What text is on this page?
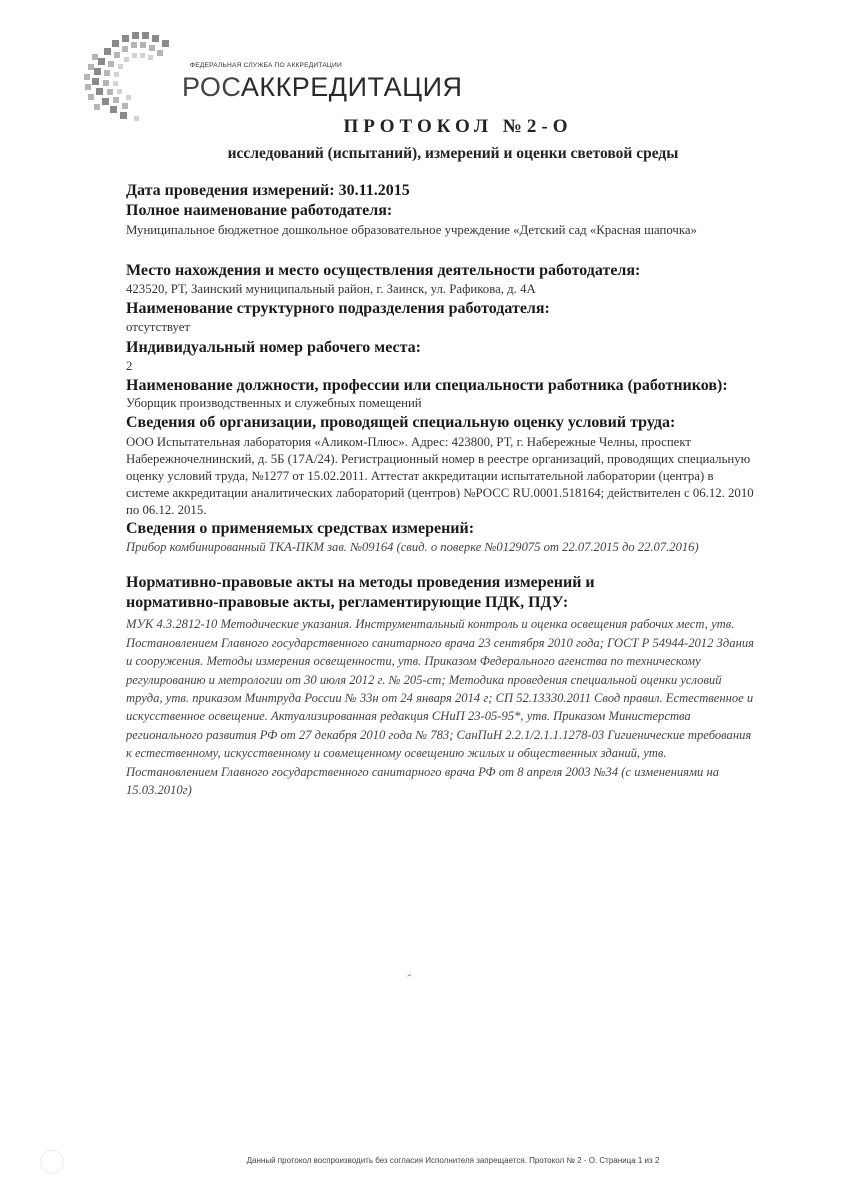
ФЕДЕРАЛЬНАЯ СЛУЖБА ПО АККРЕДИТАЦИИ
РОСАККРЕДИТАЦИЯ
ПРОТОКОЛ №2-О
исследований (испытаний), измерений и оценки световой среды
Дата проведения измерений: 30.11.2015
Полное наименование работодателя:
Муниципальное бюджетное дошкольное образовательное учреждение «Детский сад «Красная шапочка»
Место нахождения и место осуществления деятельности работодателя:
423520, РТ, Заинский муниципальный район, г. Заинск, ул. Рафикова, д. 4А
Наименование структурного подразделения работодателя:
отсутствует
Индивидуальный номер рабочего места:
2
Наименование должности, профессии или специальности работника (работников):
Уборщик производственных и служебных помещений
Сведения об организации, проводящей специальную оценку условий труда:
ООО Испытательная лаборатория «Аликом-Плюс». Адрес: 423800, РТ, г. Набережные Челны, проспект Набережночелнинский, д. 5Б (17А/24). Регистрационный номер в реестре организаций, проводящих специальную оценку условий труда, №1277 от 15.02.2011. Аттестат аккредитации испытательной лаборатории (центра) в системе аккредитации аналитических лабораторий (центров) №РОСС RU.0001.518164; действителен с 06.12. 2010 по 06.12. 2015.
Сведения о применяемых средствах измерений:
Прибор комбинированный ТКА-ПКМ зав. №09164 (свид. о поверке №0129075 от 22.07.2015 до 22.07.2016)
Нормативно-правовые акты на методы проведения измерений и
нормативно-правовые акты, регламентирующие ПДК, ПДУ:
МУК 4.3.2812-10 Методические указания. Инструментальный контроль и оценка освещения рабочих мест, утв. Постановлением Главного государственного санитарного врача 23 сентября 2010 года; ГОСТ Р 54944-2012 Здания и сооружения. Методы измерения освещенности, утв. Приказом Федерального агенства по техническому регулированию и метрологии от 30 июля 2012 г. № 205-ст; Методика проведения специальной оценки условий труда, утв. приказом Минтруда России № 33н от 24 января 2014 г; СП 52.13330.2011 Свод правил. Естественное и искусственное освещение. Актуализированная редакция СНиП 23-05-95*, утв. Приказом Министерства регионального развития РФ от 27 декабря 2010 года № 783; СанПиН 2.2.1/2.1.1.1278-03 Гигиенические требования к естественному, искусственному и совмещенному освещению жилых и общественных зданий, утв. Постановлением Главного государственного санитарного врача РФ от 8 апреля 2003 №34 (с изменениями на 15.03.2010г)
ˆ
Данный протокол воспроизводить без согласия Исполнителя запрещается. Протокол № 2 - О. Страница 1 из 2
